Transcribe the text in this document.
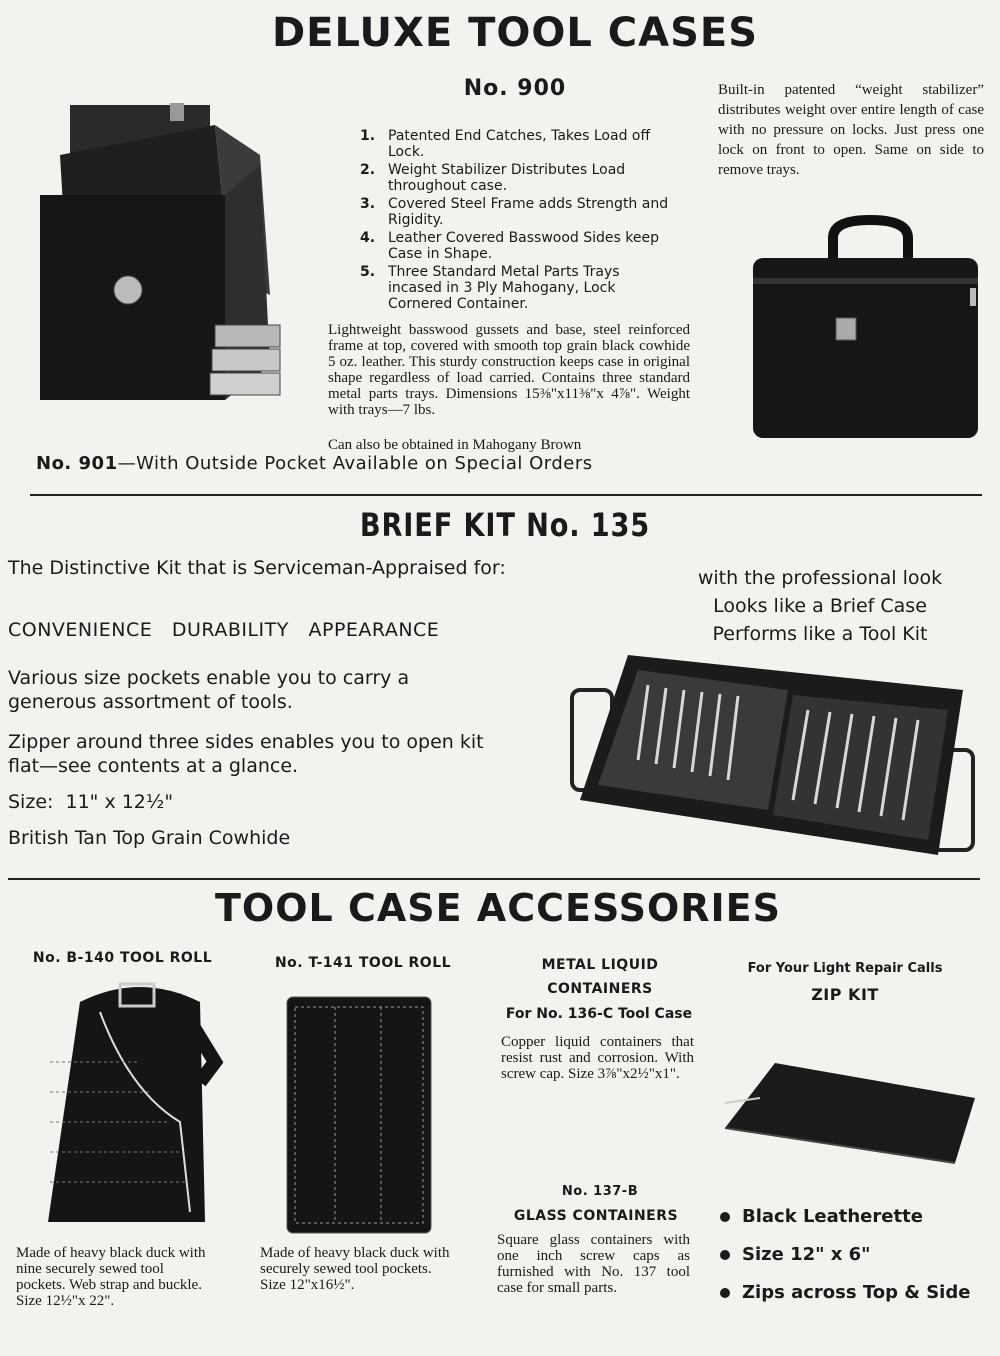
DELUXE TOOL CASES
No. 900
1. Patented End Catches, Takes Load off Lock.
2. Weight Stabilizer Distributes Load throughout case.
3. Covered Steel Frame adds Strength and Rigidity.
4. Leather Covered Basswood Sides keep Case in Shape.
5. Three Standard Metal Parts Trays incased in 3 Ply Mahogany, Lock Cornered Container.
Lightweight basswood gussets and base, steel reinforced frame at top, covered with smooth top grain black cowhide 5 oz. leather. This sturdy construction keeps case in original shape regardless of load carried. Contains three standard metal parts trays. Dimensions 15⅜"x11⅜"x 4⅞". Weight with trays—7 lbs.
Can also be obtained in Mahogany Brown
Built-in patented “weight stabilizer” distributes weight over entire length of case with no pressure on locks. Just press one lock on front to open. Same on side to remove trays.
No. 901—With Outside Pocket Available on Special Orders
BRIEF KIT No. 135
The Distinctive Kit that is Serviceman-Appraised for:
CONVENIENCE   DURABILITY   APPEARANCE
Various size pockets enable you to carry a generous assortment of tools.
Zipper around three sides enables you to open kit flat—see contents at a glance.
Size:  11" x 12½"
British Tan Top Grain Cowhide
with the professional look
Looks like a Brief Case
Performs like a Tool Kit
TOOL CASE ACCESSORIES
No. B-140 TOOL ROLL
Made of heavy black duck with nine securely sewed tool pockets. Web strap and buckle. Size 12½"x 22".
No. T-141 TOOL ROLL
Made of heavy black duck with securely sewed tool pockets. Size 12"x16½".
METAL LIQUID
CONTAINERS
For No. 136-C Tool Case
Copper liquid containers that resist rust and corrosion. With screw cap. Size 3⅞"x2½"x1".
No. 137-B
GLASS CONTAINERS
Square glass containers with one inch screw caps as furnished with No. 137 tool case for small parts.
For Your Light Repair Calls
ZIP KIT
Black Leatherette
Size 12" x 6"
Zips across Top & Side
